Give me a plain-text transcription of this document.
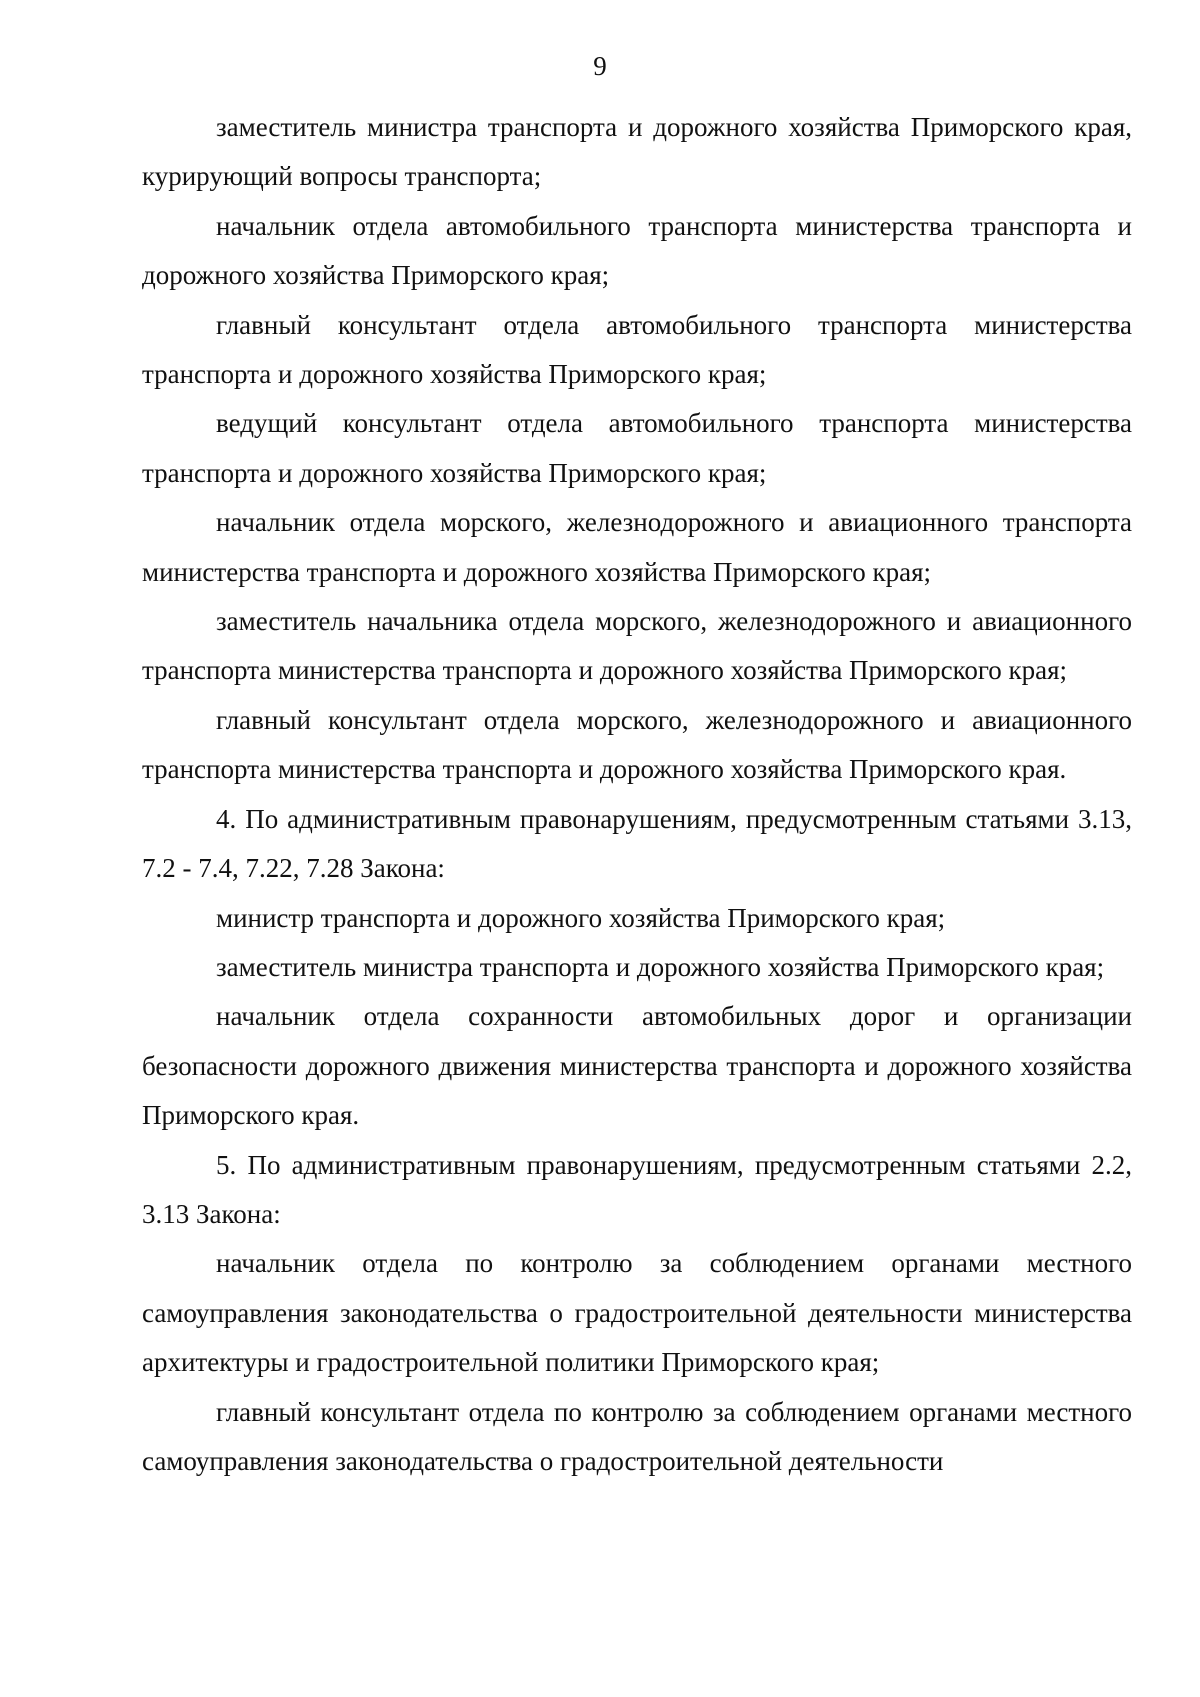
9

заместитель министра транспорта и дорожного хозяйства Приморского края, курирующий вопросы транспорта;

начальник отдела автомобильного транспорта министерства транспорта и дорожного хозяйства Приморского края;

главный консультант отдела автомобильного транспорта министерства транспорта и дорожного хозяйства Приморского края;

ведущий консультант отдела автомобильного транспорта министерства транспорта и дорожного хозяйства Приморского края;

начальник отдела морского, железнодорожного и авиационного транспорта министерства транспорта и дорожного хозяйства Приморского края;

заместитель начальника отдела морского, железнодорожного и авиационного транспорта министерства транспорта и дорожного хозяйства Приморского края;

главный консультант отдела морского, железнодорожного и авиационного транспорта министерства транспорта и дорожного хозяйства Приморского края.

4. По административным правонарушениям, предусмотренным статьями 3.13, 7.2 - 7.4, 7.22, 7.28 Закона:

министр транспорта и дорожного хозяйства Приморского края;

заместитель министра транспорта и дорожного хозяйства Приморского края;

начальник отдела сохранности автомобильных дорог и организации безопасности дорожного движения министерства транспорта и дорожного хозяйства Приморского края.

5. По административным правонарушениям, предусмотренным статьями 2.2, 3.13 Закона:

начальник отдела по контролю за соблюдением органами местного самоуправления законодательства о градостроительной деятельности министерства архитектуры и градостроительной политики Приморского края;

главный консультант отдела по контролю за соблюдением органами местного самоуправления законодательства о градостроительной деятельности
